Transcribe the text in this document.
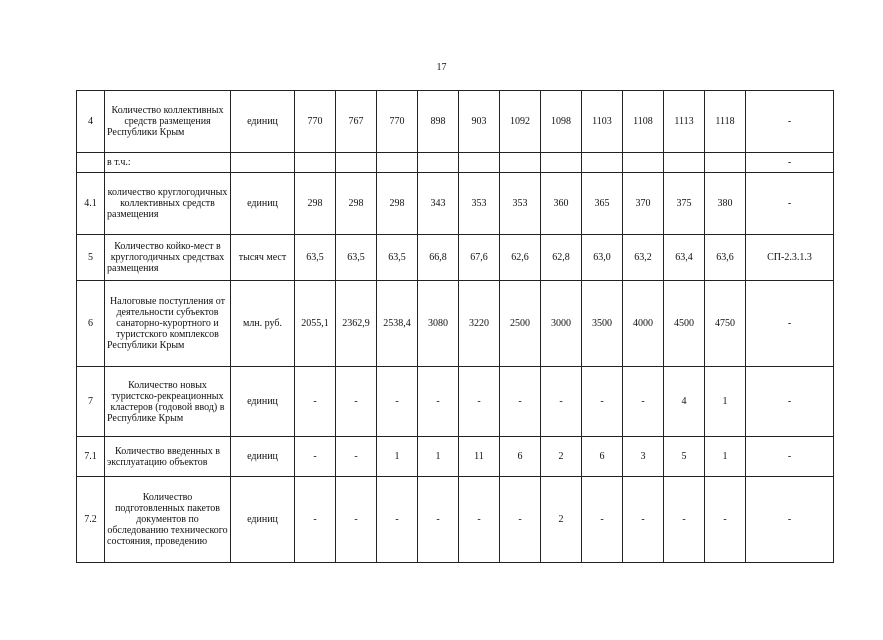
17
4	Количество коллективных средств размещения Республики Крым	единиц	770	767	770	898	903	1092	1098	1103	1108	1113	1118	-
	в т.ч.:													-
4.1	количество круглогодичных коллективных средств размещения	единиц	298	298	298	343	353	353	360	365	370	375	380	-
5	Количество койко-мест в круглогодичных средствах размещения	тысяч мест	63,5	63,5	63,5	66,8	67,6	62,6	62,8	63,0	63,2	63,4	63,6	СП-2.3.1.3
6	Налоговые поступления от деятельности субъектов санаторно-курортного и туристского комплексов Республики Крым	млн. руб.	2055,1	2362,9	2538,4	3080	3220	2500	3000	3500	4000	4500	4750	-
7	Количество новых туристско-рекреационных кластеров (годовой ввод) в Республике Крым	единиц	-	-	-	-	-	-	-	-	-	4	1	-
7.1	Количество введенных в эксплуатацию объектов	единиц	-	-	1	1	11	6	2	6	3	5	1	-
7.2	Количество подготовленных пакетов документов по обследованию технического состояния, проведению	единиц	-	-	-	-	-	-	2	-	-	-	-	-
